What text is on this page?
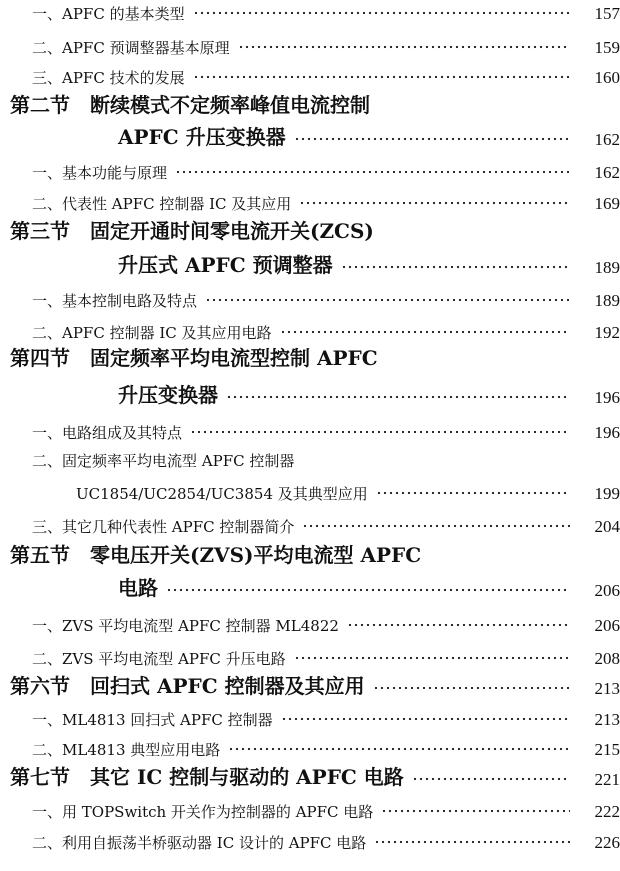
一、APFC 的基本类型	157
二、APFC 预调整器基本原理	159
三、APFC 技术的发展	160
第二节　断续模式不定频率峰值电流控制
APFC 升压变换器	162
一、基本功能与原理	162
二、代表性 APFC 控制器 IC 及其应用	169
第三节　固定开通时间零电流开关(ZCS)
升压式 APFC 预调整器	189
一、基本控制电路及特点	189
二、APFC 控制器 IC 及其应用电路	192
第四节　固定频率平均电流型控制 APFC
升压变换器	196
一、电路组成及其特点	196
二、固定频率平均电流型 APFC 控制器
UC1854/UC2854/UC3854 及其典型应用	199
三、其它几种代表性 APFC 控制器简介	204
第五节　零电压开关(ZVS)平均电流型 APFC
电路	206
一、ZVS 平均电流型 APFC 控制器 ML4822	206
二、ZVS 平均电流型 APFC 升压电路	208
第六节　回扫式 APFC 控制器及其应用	213
一、ML4813 回扫式 APFC 控制器	213
二、ML4813 典型应用电路	215
第七节　其它 IC 控制与驱动的 APFC 电路	221
一、用 TOPSwitch 开关作为控制器的 APFC 电路	222
二、利用自振荡半桥驱动器 IC 设计的 APFC 电路	226
